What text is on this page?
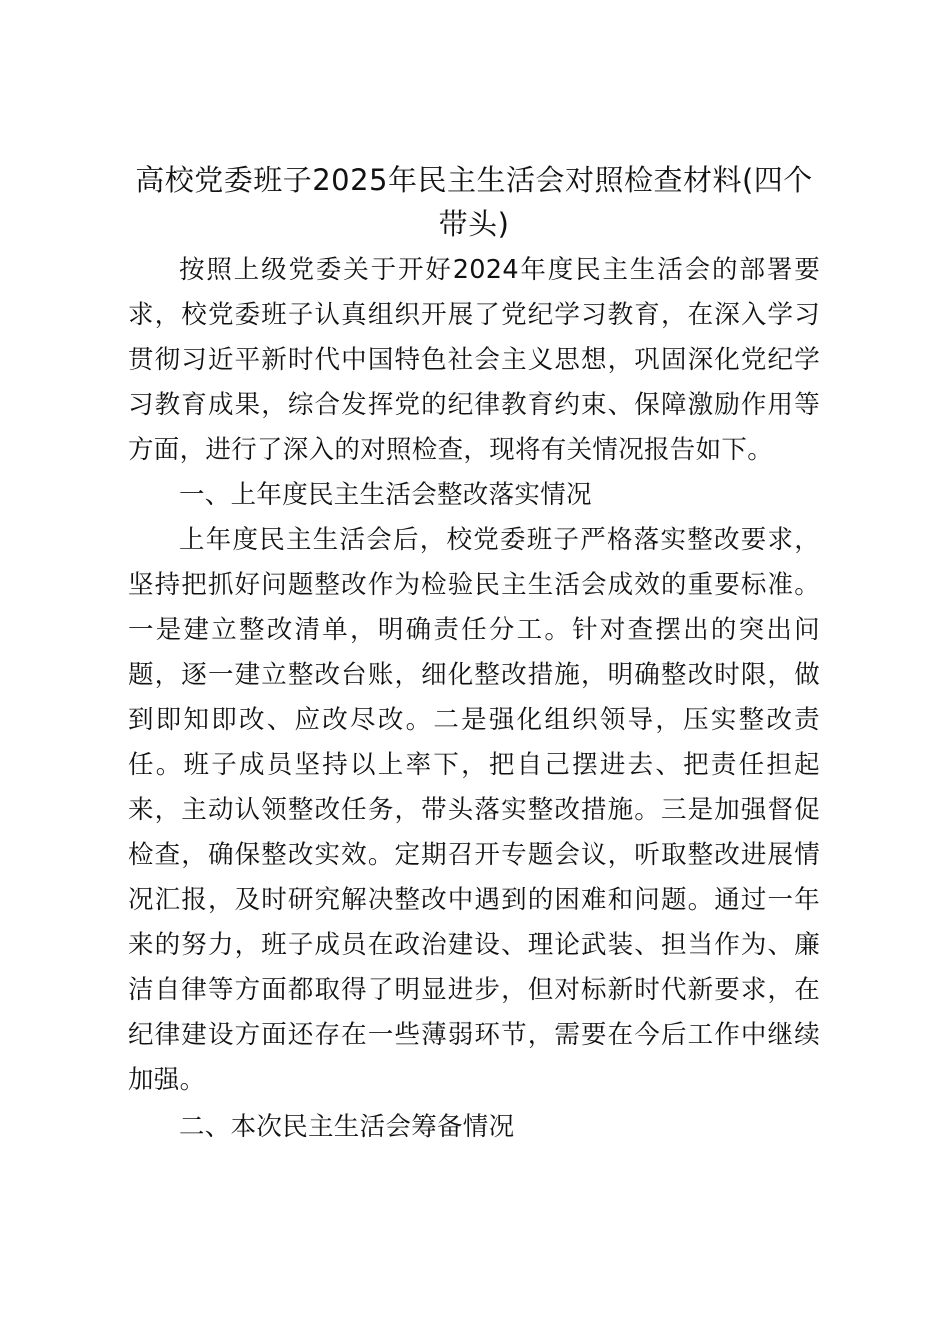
高校党委班子2025年民主生活会对照检查材料(四个带头)

按照上级党委关于开好2024年度民主生活会的部署要求，校党委班子认真组织开展了党纪学习教育，在深入学习贯彻习近平新时代中国特色社会主义思想，巩固深化党纪学习教育成果，综合发挥党的纪律教育约束、保障激励作用等方面，进行了深入的对照检查，现将有关情况报告如下。

一、上年度民主生活会整改落实情况

上年度民主生活会后，校党委班子严格落实整改要求，坚持把抓好问题整改作为检验民主生活会成效的重要标准。一是建立整改清单，明确责任分工。针对查摆出的突出问题，逐一建立整改台账，细化整改措施，明确整改时限，做到即知即改、应改尽改。二是强化组织领导，压实整改责任。班子成员坚持以上率下，把自己摆进去、把责任担起来，主动认领整改任务，带头落实整改措施。三是加强督促检查，确保整改实效。定期召开专题会议，听取整改进展情况汇报，及时研究解决整改中遇到的困难和问题。通过一年来的努力，班子成员在政治建设、理论武装、担当作为、廉洁自律等方面都取得了明显进步，但对标新时代新要求，在纪律建设方面还存在一些薄弱环节，需要在今后工作中继续加强。

二、本次民主生活会筹备情况
